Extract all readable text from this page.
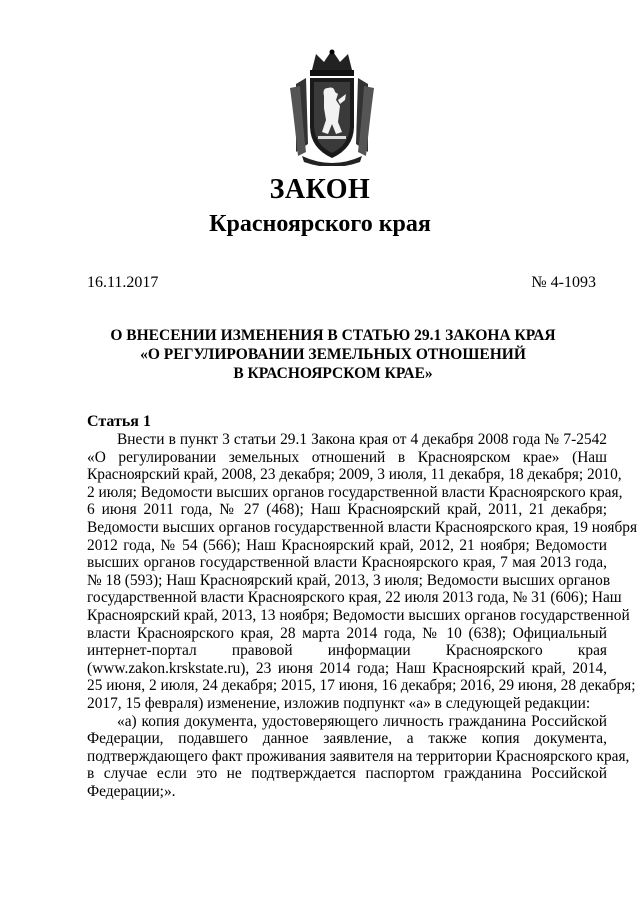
ЗАКОН
Красноярского края
16.11.2017	№ 4-1093
О ВНЕСЕНИИ ИЗМЕНЕНИЯ В СТАТЬЮ 29.1 ЗАКОНА КРАЯ
«О РЕГУЛИРОВАНИИ ЗЕМЕЛЬНЫХ ОТНОШЕНИЙ
В КРАСНОЯРСКОМ КРАЕ»
Статья 1
Внести в пункт 3 статьи 29.1 Закона края от 4 декабря 2008 года № 7-2542
«О регулировании земельных отношений в Красноярском крае» (Наш
Красноярский край, 2008, 23 декабря; 2009, 3 июля, 11 декабря, 18 декабря; 2010,
2 июля; Ведомости высших органов государственной власти Красноярского края,
6 июня 2011 года, № 27 (468); Наш Красноярский край, 2011, 21 декабря;
Ведомости высших органов государственной власти Красноярского края, 19 ноября
2012 года, № 54 (566); Наш Красноярский край, 2012, 21 ноября; Ведомости
высших органов государственной власти Красноярского края, 7 мая 2013 года,
№ 18 (593); Наш Красноярский край, 2013, 3 июля; Ведомости высших органов
государственной власти Красноярского края, 22 июля 2013 года, № 31 (606); Наш
Красноярский край, 2013, 13 ноября; Ведомости высших органов государственной
власти Красноярского края, 28 марта 2014 года, № 10 (638); Официальный
интернет-портал правовой информации Красноярского края
(www.zakon.krskstate.ru), 23 июня 2014 года; Наш Красноярский край, 2014,
25 июня, 2 июля, 24 декабря; 2015, 17 июня, 16 декабря; 2016, 29 июня, 28 декабря;
2017, 15 февраля) изменение, изложив подпункт «а» в следующей редакции:
«а) копия документа, удостоверяющего личность гражданина Российской
Федерации, подавшего данное заявление, а также копия документа,
подтверждающего факт проживания заявителя на территории Красноярского края,
в случае если это не подтверждается паспортом гражданина Российской
Федерации;».
